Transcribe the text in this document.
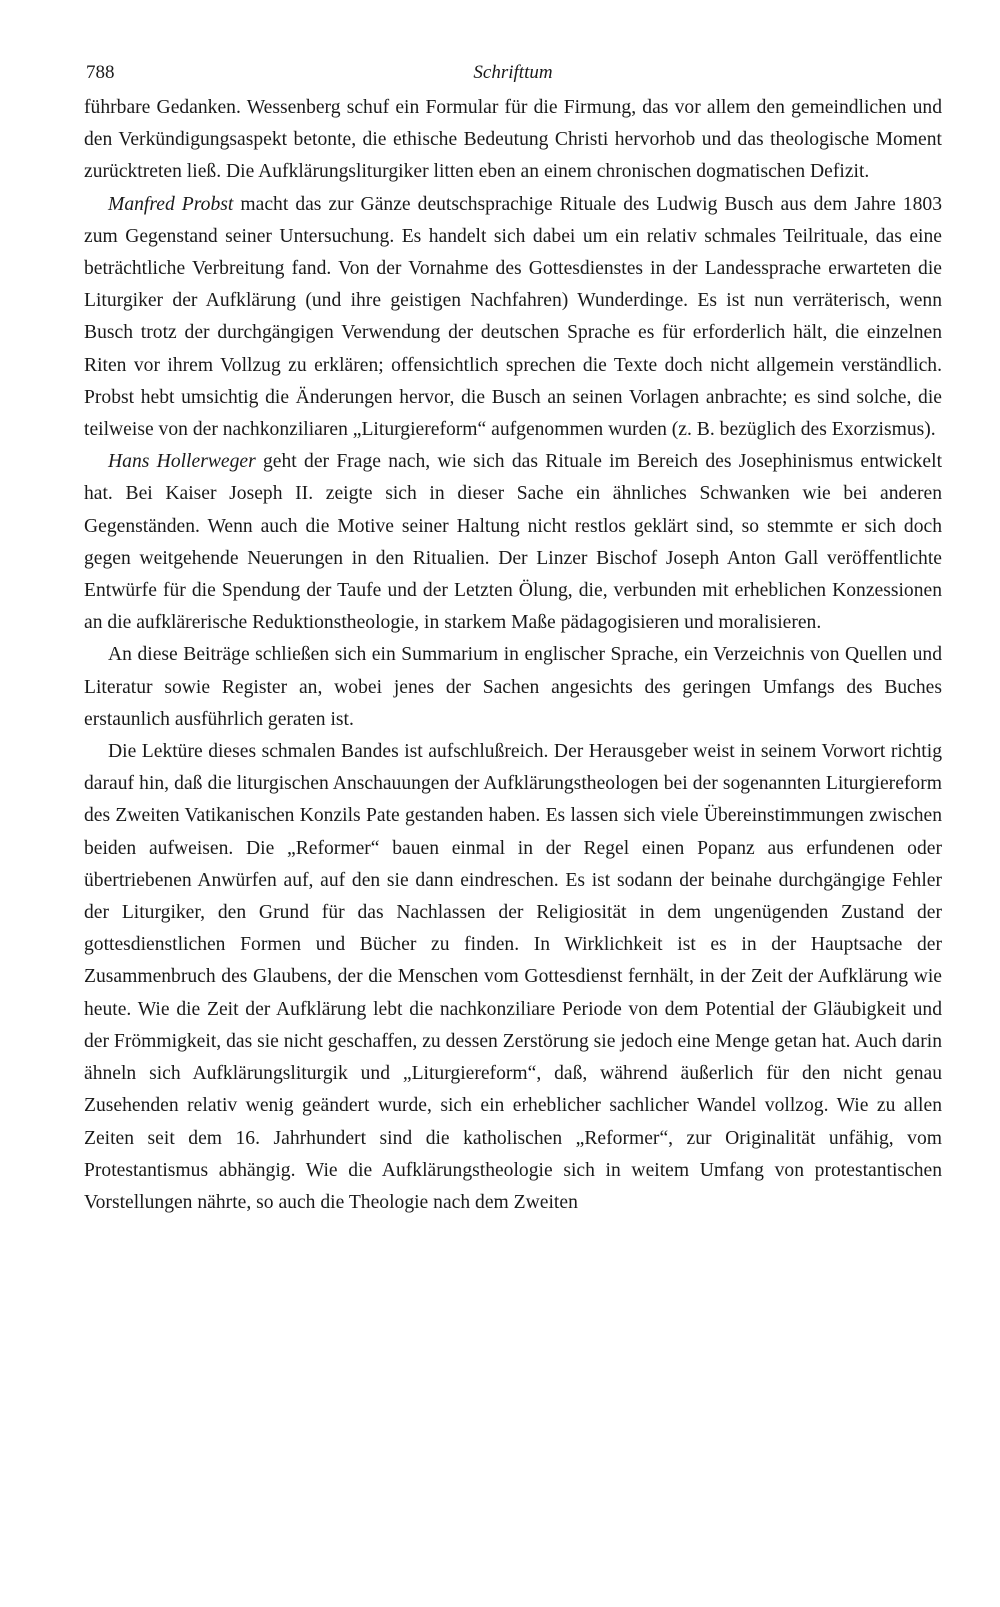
788	Schrifttum

führbare Gedanken. Wessenberg schuf ein Formular für die Firmung, das vor allem den gemeindlichen und den Verkündigungsaspekt betonte, die ethische Bedeutung Christi hervorhob und das theologische Moment zurücktreten ließ. Die Aufklärungsliturgiker litten eben an einem chronischen dogmatischen Defizit.

Manfred Probst macht das zur Gänze deutschsprachige Rituale des Ludwig Busch aus dem Jahre 1803 zum Gegenstand seiner Untersuchung. Es handelt sich dabei um ein relativ schmales Teilrituale, das eine beträchtliche Verbreitung fand. Von der Vornahme des Gottesdienstes in der Landessprache erwarteten die Liturgiker der Aufklärung (und ihre geistigen Nachfahren) Wunderdinge. Es ist nun verräterisch, wenn Busch trotz der durchgängigen Verwendung der deutschen Sprache es für erforderlich hält, die einzelnen Riten vor ihrem Vollzug zu erklären; offensichtlich sprechen die Texte doch nicht allgemein verständlich. Probst hebt umsichtig die Änderungen hervor, die Busch an seinen Vorlagen anbrachte; es sind solche, die teilweise von der nachkonziliaren „Liturgiereform“ aufgenommen wurden (z. B. bezüglich des Exorzismus).

Hans Hollerweger geht der Frage nach, wie sich das Rituale im Bereich des Josephinismus entwickelt hat. Bei Kaiser Joseph II. zeigte sich in dieser Sache ein ähnliches Schwanken wie bei anderen Gegenständen. Wenn auch die Motive seiner Haltung nicht restlos geklärt sind, so stemmte er sich doch gegen weitgehende Neuerungen in den Ritualien. Der Linzer Bischof Joseph Anton Gall veröffentlichte Entwürfe für die Spendung der Taufe und der Letzten Ölung, die, verbunden mit erheblichen Konzessionen an die aufklärerische Reduktionstheologie, in starkem Maße pädagogisieren und moralisieren.

An diese Beiträge schließen sich ein Summarium in englischer Sprache, ein Verzeichnis von Quellen und Literatur sowie Register an, wobei jenes der Sachen angesichts des geringen Umfangs des Buches erstaunlich ausführlich geraten ist.

Die Lektüre dieses schmalen Bandes ist aufschlußreich. Der Herausgeber weist in seinem Vorwort richtig darauf hin, daß die liturgischen Anschauungen der Aufklärungstheologen bei der sogenannten Liturgiereform des Zweiten Vatikanischen Konzils Pate gestanden haben. Es lassen sich viele Übereinstimmungen zwischen beiden aufweisen. Die „Reformer“ bauen einmal in der Regel einen Popanz aus erfundenen oder übertriebenen Anwürfen auf, auf den sie dann eindreschen. Es ist sodann der beinahe durchgängige Fehler der Liturgiker, den Grund für das Nachlassen der Religiosität in dem ungenügenden Zustand der gottesdienstlichen Formen und Bücher zu finden. In Wirklichkeit ist es in der Hauptsache der Zusammenbruch des Glaubens, der die Menschen vom Gottesdienst fernhält, in der Zeit der Aufklärung wie heute. Wie die Zeit der Aufklärung lebt die nachkonziliare Periode von dem Potential der Gläubigkeit und der Frömmigkeit, das sie nicht geschaffen, zu dessen Zerstörung sie jedoch eine Menge getan hat. Auch darin ähneln sich Aufklärungsliturgik und „Liturgiereform“, daß, während äußerlich für den nicht genau Zusehenden relativ wenig geändert wurde, sich ein erheblicher sachlicher Wandel vollzog. Wie zu allen Zeiten seit dem 16. Jahrhundert sind die katholischen „Reformer“, zur Originalität unfähig, vom Protestantismus abhängig. Wie die Aufklärungstheologie sich in weitem Umfang von protestantischen Vorstellungen nährte, so auch die Theologie nach dem Zweiten
